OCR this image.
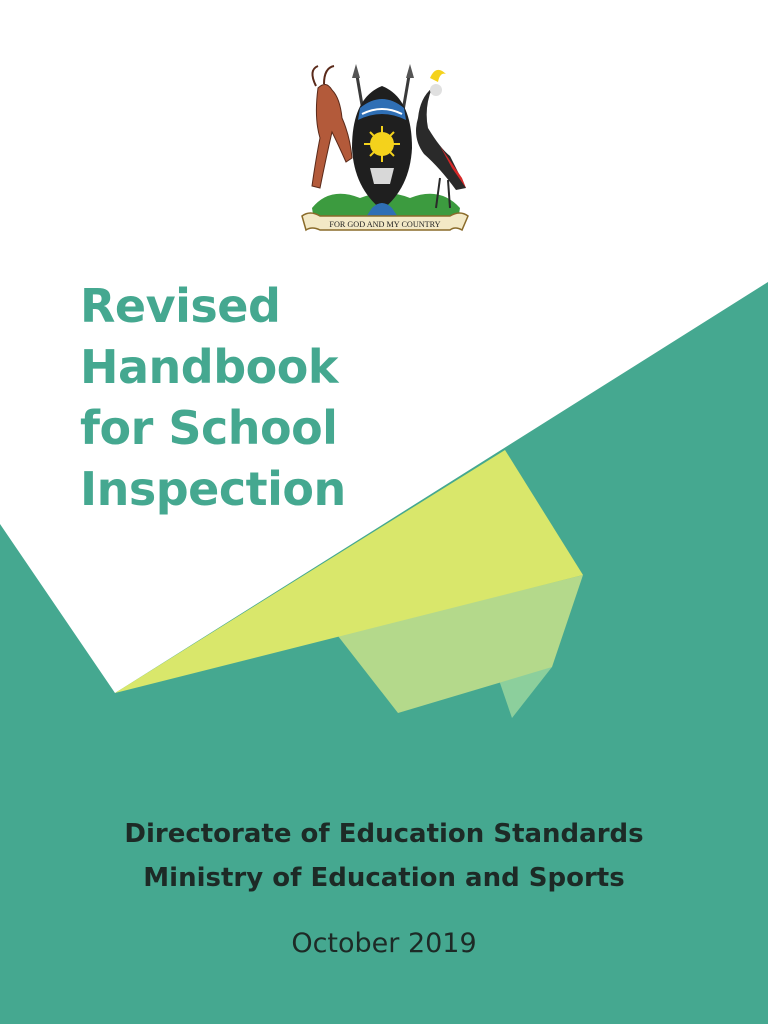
FOR GOD AND MY COUNTRY
Revised
Handbook
for School
Inspection
Directorate of Education Standards
Ministry of Education and Sports
October 2019
